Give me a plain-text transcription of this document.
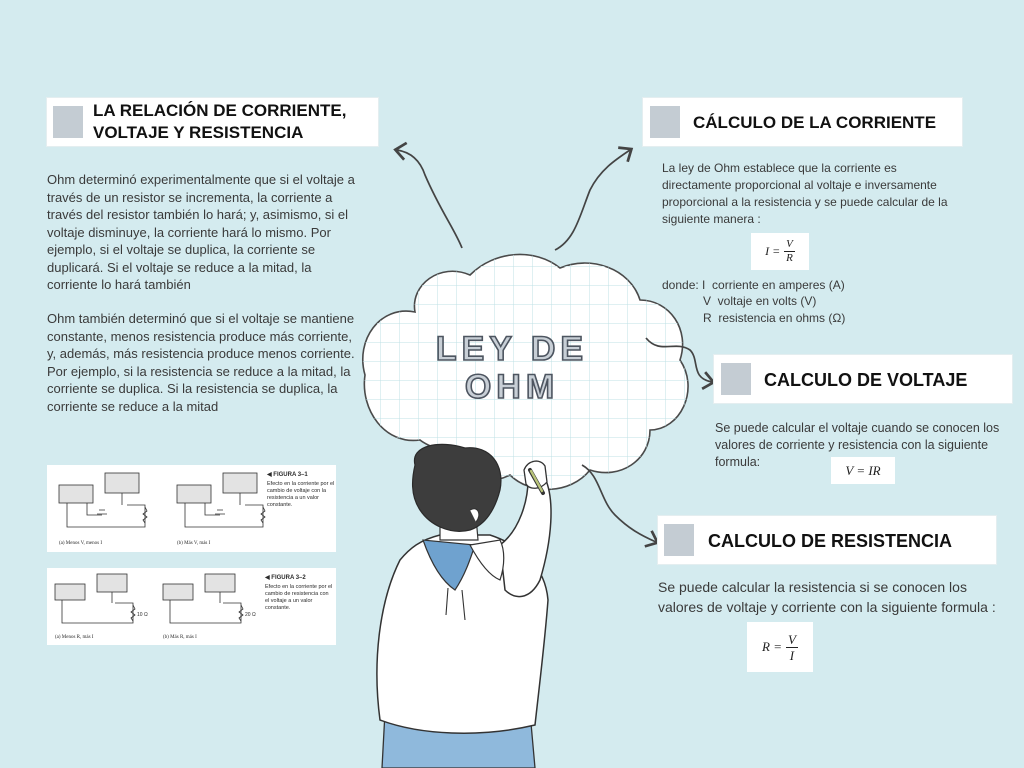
LEY DE
OHM
LA RELACIÓN DE CORRIENTE,
VOLTAJE Y RESISTENCIA

Ohm determinó experimentalmente que si el voltaje a través de un resistor se incrementa, la corriente a través del resistor también lo hará; y, asimismo, si el voltaje disminuye, la corriente hará lo mismo. Por ejemplo, si el voltaje se duplica, la corriente se duplicará. Si el voltaje se reduce a la mitad, la corriente lo hará también

Ohm también determinó que si el voltaje se mantiene constante, menos resistencia produce más corriente, y, además, más resistencia produce menos corriente. Por ejemplo, si la resistencia se reduce a la mitad, la corriente se duplica. Si la resistencia se duplica, la corriente se reduce a la mitad

◀ FIGURA 3–1
Efecto en la corriente por el cambio de voltaje con la resistencia a un valor constante.
(a) Menos V, menos I	(b) Más V, más I
10 Ω	20 Ω
◀ FIGURA 3–2
Efecto en la corriente por el cambio de resistencia con el voltaje a un valor constante.
(a) Menos R, más I	(b) Más R, más I
CÁLCULO DE LA CORRIENTE

La ley de Ohm establece que la corriente es directamente proporcional al voltaje e inversamente proporcional a la resistencia y se puede calcular de la siguiente manera :

$I = \frac{V}{R}$
donde: I  corriente en amperes (A)
V  voltaje en volts (V)
R  resistencia en ohms (Ω)
CALCULO DE VOLTAJE

Se puede calcular el voltaje cuando se conocen los valores de corriente y resistencia con la siguiente formula:

V = IR
CALCULO DE RESISTENCIA

Se puede calcular la resistencia si se conocen los valores de voltaje y corriente con la siguiente formula :

$R = \frac{V}{I}$
